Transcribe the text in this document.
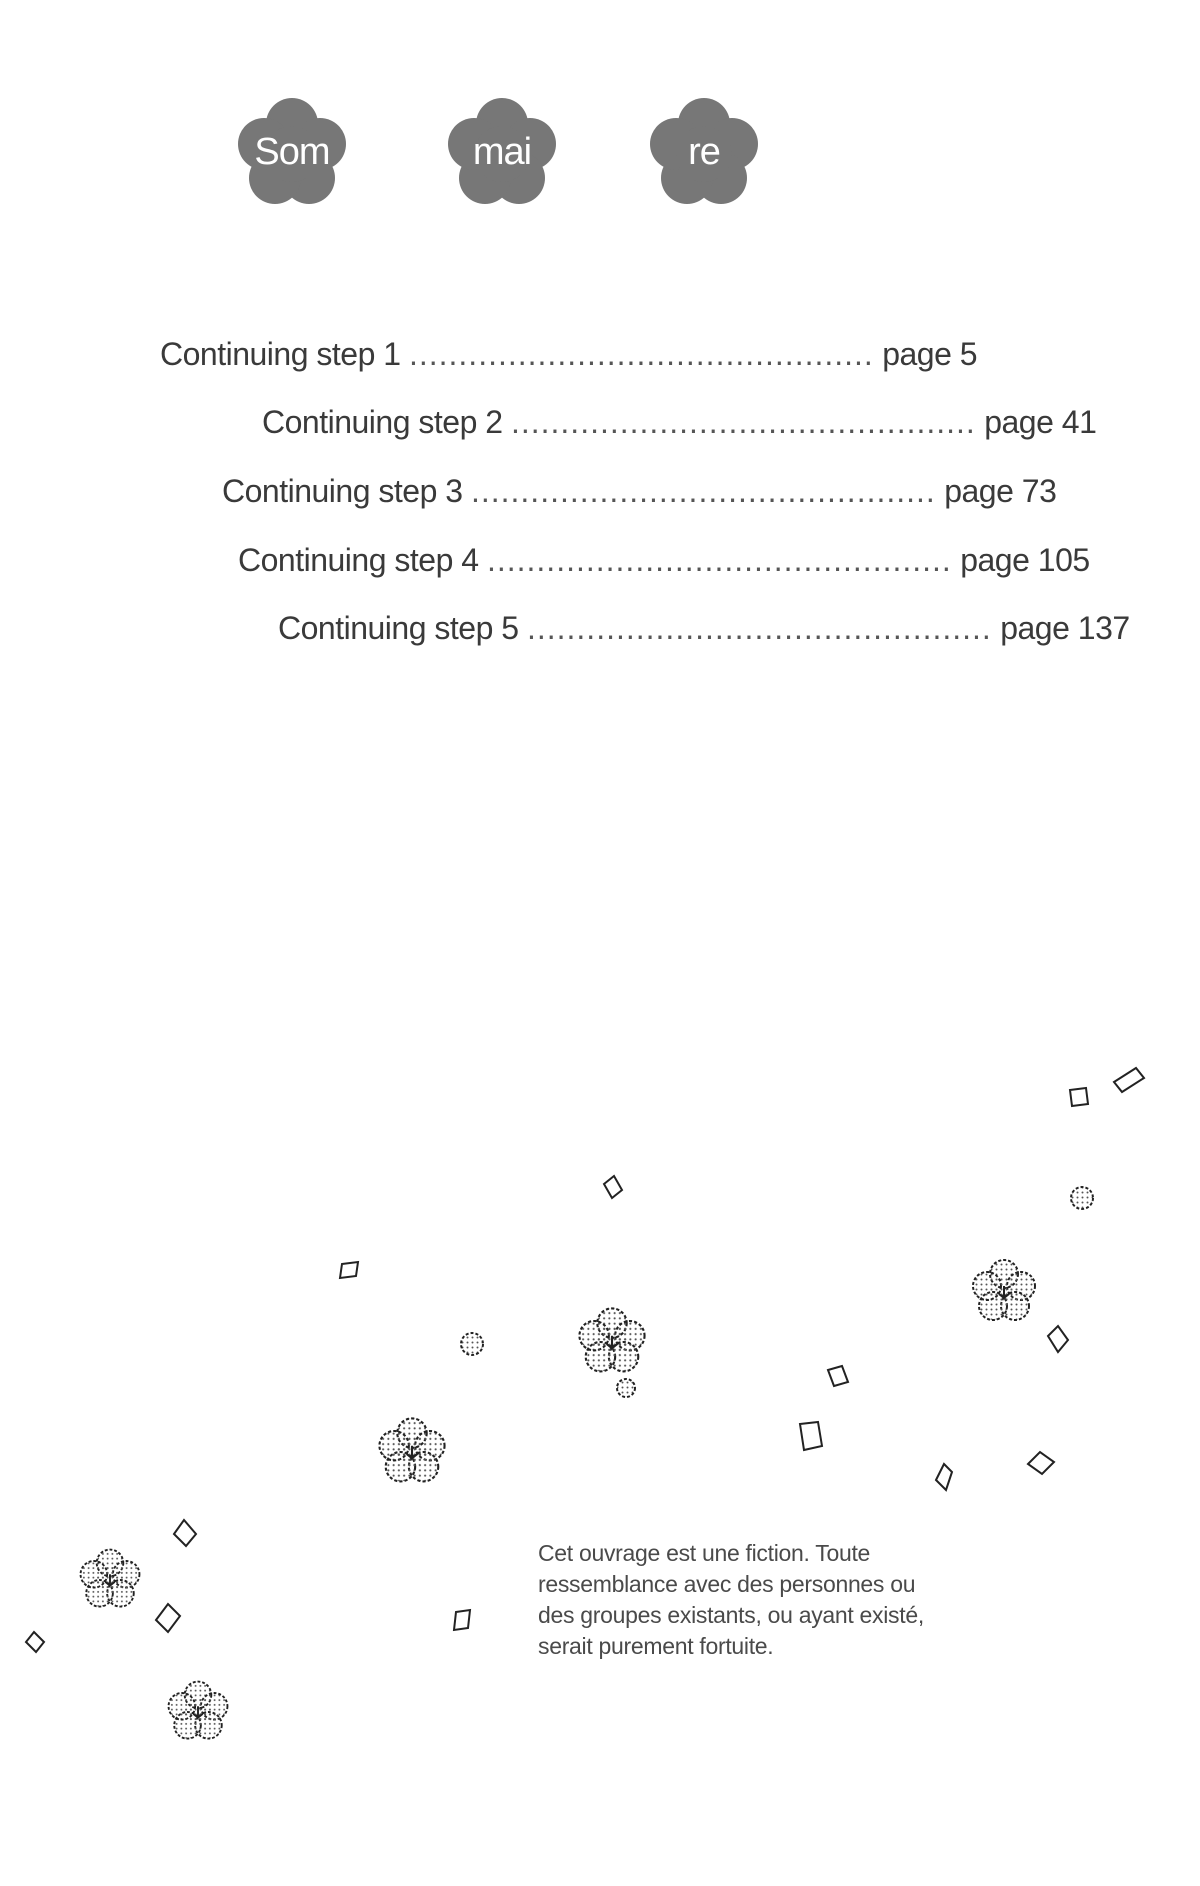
Som	mai	re
Continuing step 1 ............................................... page 5
Continuing step 2 ............................................... page 41
Continuing step 3 ............................................... page 73
Continuing step 4 ............................................... page 105
Continuing step 5 ............................................... page 137
Cet ouvrage est une fiction. Toute
ressemblance avec des personnes ou
des groupes existants, ou ayant existé,
serait purement fortuite.
